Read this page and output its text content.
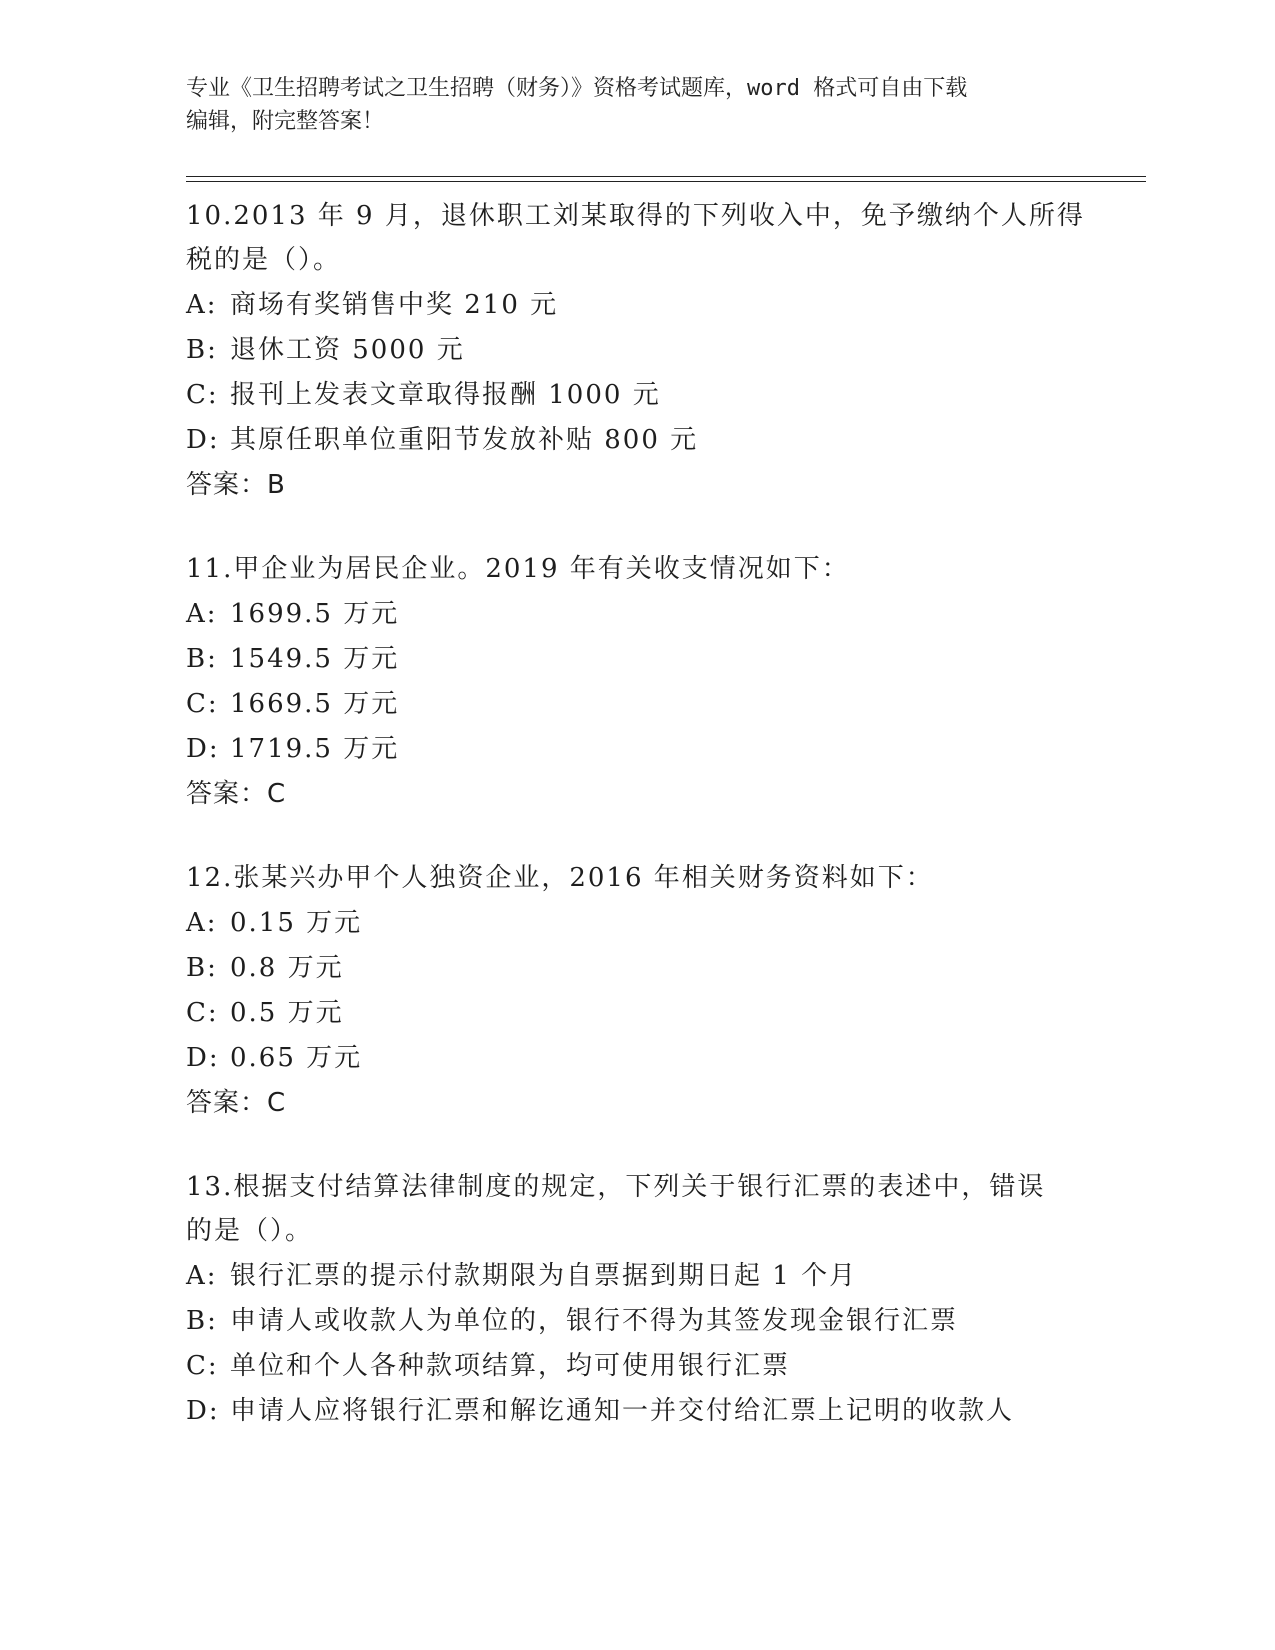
专业《卫生招聘考试之卫生招聘（财务）》资格考试题库，word 格式可自由下载
编辑，附完整答案！
10.2013 年 9 月，退休职工刘某取得的下列收入中，免予缴纳个人所得
税的是（）。
A: 商场有奖销售中奖 210 元
B: 退休工资 5000 元
C: 报刊上发表文章取得报酬 1000 元
D: 其原任职单位重阳节发放补贴 800 元
答案：B
11.甲企业为居民企业。2019 年有关收支情况如下：
A: 1699.5 万元
B: 1549.5 万元
C: 1669.5 万元
D: 1719.5 万元
答案：C
12.张某兴办甲个人独资企业，2016 年相关财务资料如下：
A: 0.15 万元
B: 0.8 万元
C: 0.5 万元
D: 0.65 万元
答案：C
13.根据支付结算法律制度的规定，下列关于银行汇票的表述中，错误
的是（）。
A: 银行汇票的提示付款期限为自票据到期日起 1 个月
B: 申请人或收款人为单位的，银行不得为其签发现金银行汇票
C: 单位和个人各种款项结算，均可使用银行汇票
D: 申请人应将银行汇票和解讫通知一并交付给汇票上记明的收款人
